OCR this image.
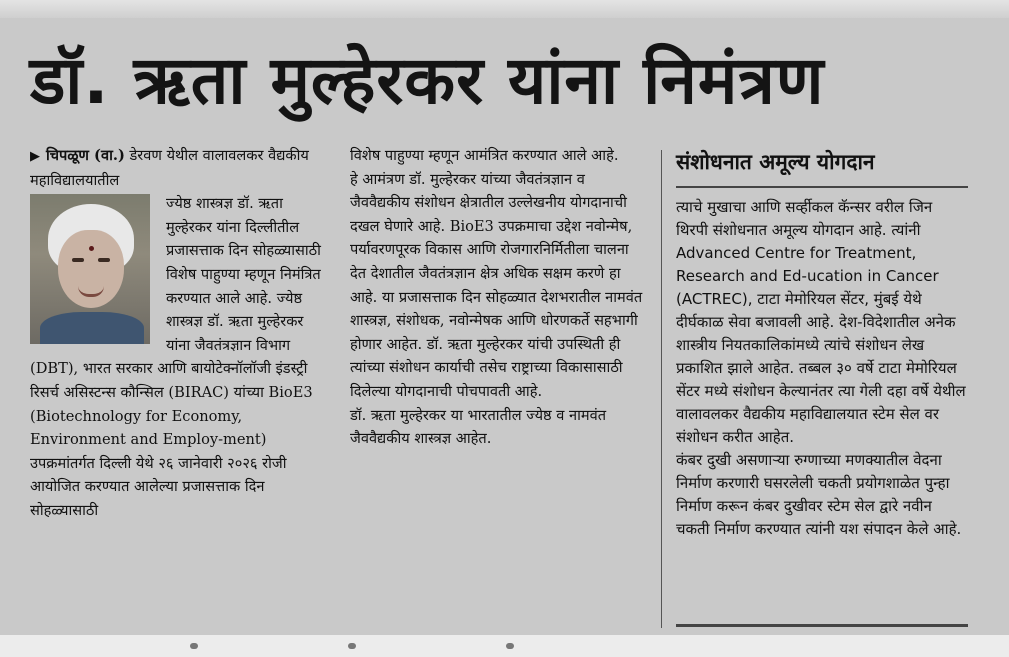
डॉ. ऋता मुल्हेरकर यांना निमंत्रण

▶ चिपळूण (वा.) डेरवण येथील वालावलकर वैद्यकीय महाविद्यालयातील

ज्येष्ठ शास्त्रज्ञ डॉ. ऋता मुल्हेरकर यांना दिल्लीतील प्रजासत्ताक दिन सोहळ्यासाठी विशेष पाहुण्या म्हणून निमंत्रित करण्यात आले आहे. ज्येष्ठ शास्त्रज्ञ डॉ. ऋता मुल्हेरकर यांना जैवतंत्रज्ञान विभाग (DBT), भारत सरकार आणि बायोटेक्नॉलॉजी इंडस्ट्री रिसर्च असिस्टन्स कौन्सिल (BIRAC) यांच्या BioE3 (Biotechnology for Economy, Environment and Employ-ment) उपक्रमांतर्गत दिल्ली येथे २६ जानेवारी २०२६ रोजी आयोजित करण्यात आलेल्या प्रजासत्ताक दिन सोहळ्यासाठी

विशेष पाहुण्या म्हणून आमंत्रित करण्यात आले आहे.

हे आमंत्रण डॉ. मुल्हेरकर यांच्या जैवतंत्रज्ञान व जैववैद्यकीय संशोधन क्षेत्रातील उल्लेखनीय योगदानाची दखल घेणारे आहे. BioE3 उपक्रमाचा उद्देश नवोन्मेष, पर्यावरणपूरक विकास आणि रोजगारनिर्मितीला चालना देत देशातील जैवतंत्रज्ञान क्षेत्र अधिक सक्षम करणे हा आहे. या प्रजासत्ताक दिन सोहळ्यात देशभरातील नामवंत शास्त्रज्ञ, संशोधक, नवोन्मेषक आणि धोरणकर्ते सहभागी होणार आहेत. डॉ. ऋता मुल्हेरकर यांची उपस्थिती ही त्यांच्या संशोधन कार्याची तसेच राष्ट्राच्या विकासासाठी दिलेल्या योगदानाची पोचपावती आहे.

डॉ. ऋता मुल्हेरकर या भारतातील ज्येष्ठ व नामवंत जैववैद्यकीय शास्त्रज्ञ आहेत.

संशोधनात अमूल्य योगदान

त्याचे मुखाचा आणि सर्व्हीकल कॅन्सर वरील जिन थिरपी संशोधनात अमूल्य योगदान आहे. त्यांनी Advanced Centre for Treatment, Research and Ed-ucation in Cancer (ACTREC), टाटा मेमोरियल सेंटर, मुंबई येथे दीर्घकाळ सेवा बजावली आहे. देश-विदेशातील अनेक शास्त्रीय नियतकालिकांमध्ये त्यांचे संशोधन लेख प्रकाशित झाले आहेत. तब्बल ३० वर्षे टाटा मेमोरियल सेंटर मध्ये संशोधन केल्यानंतर त्या गेली दहा वर्षे येथील वालावलकर वैद्यकीय महाविद्यालयात स्टेम सेल वर संशोधन करीत आहेत.

कंबर दुखी असणाऱ्या रुग्णाच्या मणक्यातील वेदना निर्माण करणारी घसरलेली चकती प्रयोगशाळेत पुन्हा निर्माण करून कंबर दुखीवर स्टेम सेल द्वारे नवीन चकती निर्माण करण्यात त्यांनी यश संपादन केले आहे.
